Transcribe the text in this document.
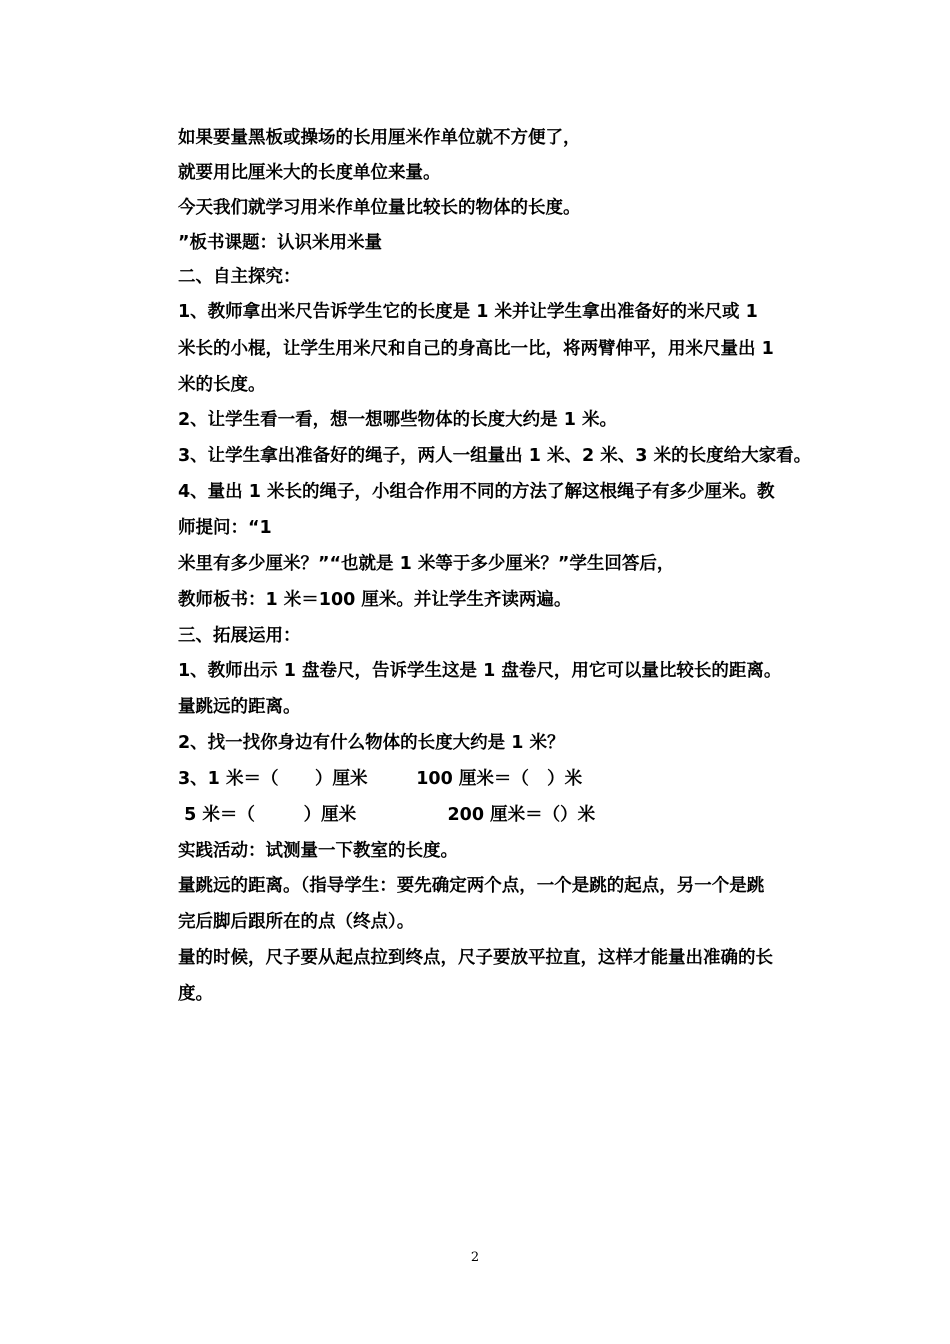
如果要量黑板或操场的长用厘米作单位就不方便了，
就要用比厘米大的长度单位来量。
今天我们就学习用米作单位量比较长的物体的长度。
”板书课题：认识米用米量
二、自主探究：
1、教师拿出米尺告诉学生它的长度是 1 米并让学生拿出准备好的米尺或 1
米长的小棍，让学生用米尺和自己的身高比一比，将两臂伸平，用米尺量出 1
米的长度。
2、让学生看一看，想一想哪些物体的长度大约是 1 米。
3、让学生拿出准备好的绳子，两人一组量出 1 米、2 米、3 米的长度给大家看。
4、量出 1 米长的绳子，小组合作用不同的方法了解这根绳子有多少厘米。教
师提问：“1
米里有多少厘米？”“也就是 1 米等于多少厘米？”学生回答后，
教师板书：1 米＝100 厘米。并让学生齐读两遍。
三、拓展运用：
1、教师出示 1 盘卷尺，告诉学生这是 1 盘卷尺，用它可以量比较长的距离。
量跳远的距离。
2、找一找你身边有什么物体的长度大约是 1 米？
3、1 米＝（      ）厘米        100 厘米＝（   ）米
5 米＝（        ）厘米               200 厘米＝（）米
实践活动：试测量一下教室的长度。
量跳远的距离。（指导学生：要先确定两个点，一个是跳的起点，另一个是跳
完后脚后跟所在的点（终点）。
量的时候，尺子要从起点拉到终点，尺子要放平拉直，这样才能量出准确的长
度。
2
